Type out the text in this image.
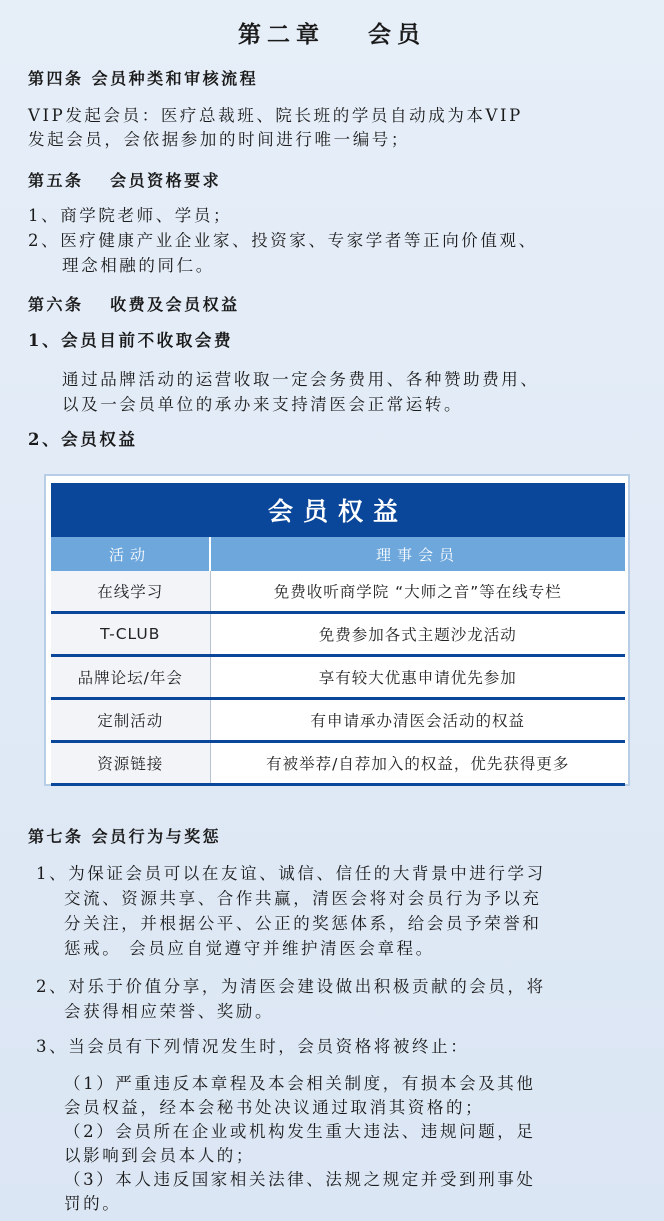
第二章　 会员
第四条 会员种类和审核流程
VIP发起会员：医疗总裁班、院长班的学员自动成为本VIP
发起会员，会依据参加的时间进行唯一编号；
第五条　 会员资格要求
1、商学院老师、学员；
2、医疗健康产业企业家、投资家、专家学者等正向价值观、
理念相融的同仁。
第六条　 收费及会员权益
1、会员目前不收取会费
通过品牌活动的运营收取一定会务费用、各种赞助费用、
以及一会员单位的承办来支持清医会正常运转。
2、会员权益
会员权益	
活动	理事会员
在线学习	免费收听商学院 “大师之音”等在线专栏
T-CLUB	免费参加各式主题沙龙活动
品牌论坛/年会	享有较大优惠申请优先参加
定制活动	有申请承办清医会活动的权益
资源链接	有被举荐/自荐加入的权益，优先获得更多
第七条 会员行为与奖惩
1、为保证会员可以在友谊、诚信、信任的大背景中进行学习
交流、资源共享、合作共赢，清医会将对会员行为予以充
分关注，并根据公平、公正的奖惩体系，给会员予荣誉和
惩戒。 会员应自觉遵守并维护清医会章程。
2、对乐于价值分享，为清医会建设做出积极贡献的会员，将
会获得相应荣誉、奖励。
3、当会员有下列情况发生时，会员资格将被终止：
（1）严重违反本章程及本会相关制度，有损本会及其他
会员权益，经本会秘书处决议通过取消其资格的；
（2）会员所在企业或机构发生重大违法、违规问题，足
以影响到会员本人的；
（3）本人违反国家相关法律、法规之规定并受到刑事处
罚的。
